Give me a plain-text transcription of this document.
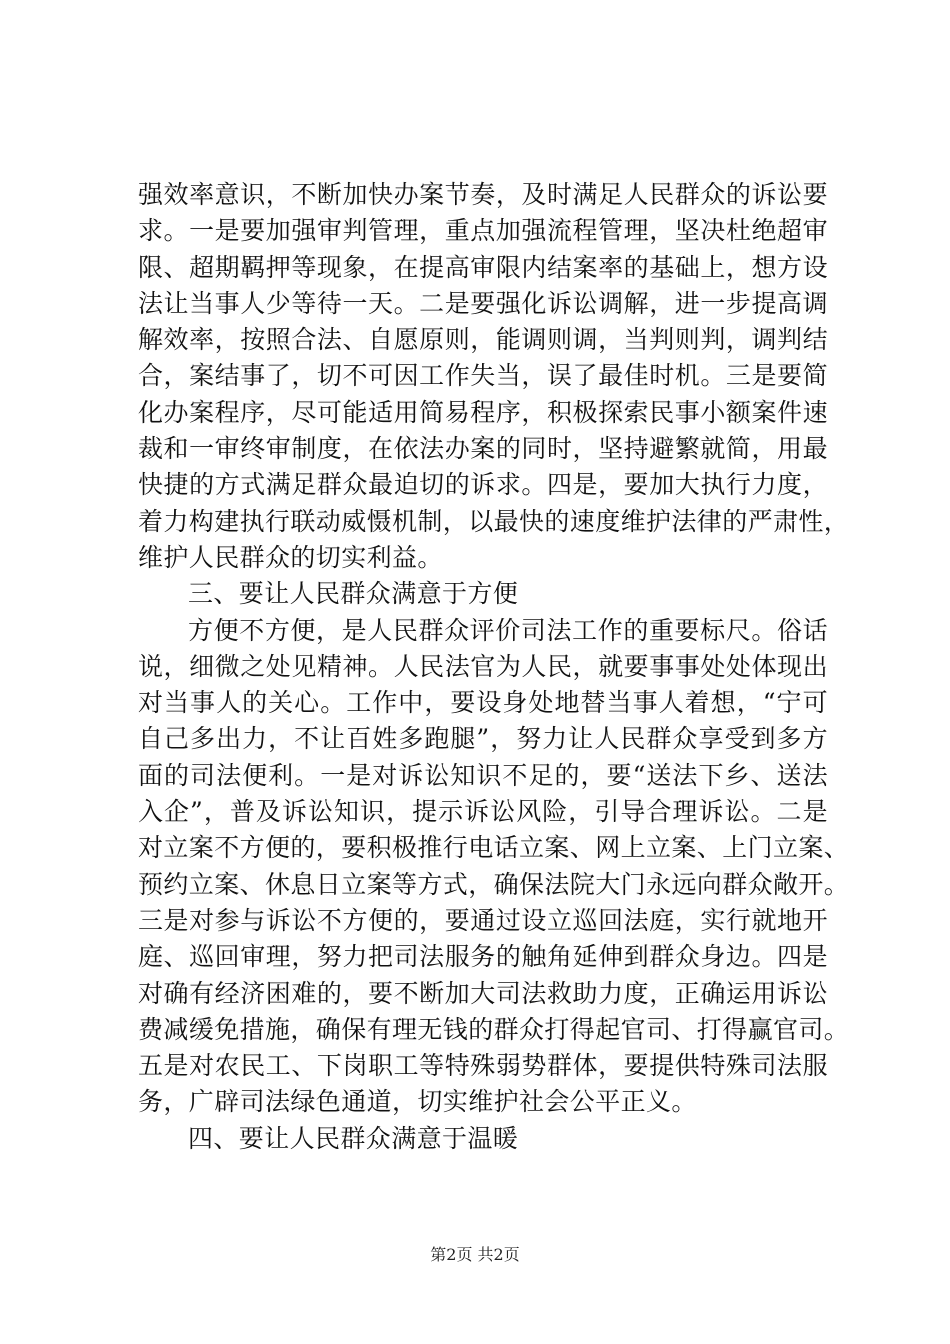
强效率意识，不断加快办案节奏，及时满足人民群众的诉讼要
求。一是要加强审判管理，重点加强流程管理，坚决杜绝超审
限、超期羁押等现象，在提高审限内结案率的基础上，想方设
法让当事人少等待一天。二是要强化诉讼调解，进一步提高调
解效率，按照合法、自愿原则，能调则调，当判则判，调判结
合，案结事了，切不可因工作失当，误了最佳时机。三是要简
化办案程序，尽可能适用简易程序，积极探索民事小额案件速
裁和一审终审制度，在依法办案的同时，坚持避繁就简，用最
快捷的方式满足群众最迫切的诉求。四是，要加大执行力度，
着力构建执行联动威慑机制，以最快的速度维护法律的严肃性，
维护人民群众的切实利益。
三、要让人民群众满意于方便
方便不方便，是人民群众评价司法工作的重要标尺。俗话
说，细微之处见精神。人民法官为人民，就要事事处处体现出
对当事人的关心。工作中，要设身处地替当事人着想，“宁可
自己多出力，不让百姓多跑腿”，努力让人民群众享受到多方
面的司法便利。一是对诉讼知识不足的，要“送法下乡、送法
入企”，普及诉讼知识，提示诉讼风险，引导合理诉讼。二是
对立案不方便的，要积极推行电话立案、网上立案、上门立案、
预约立案、休息日立案等方式，确保法院大门永远向群众敞开。
三是对参与诉讼不方便的，要通过设立巡回法庭，实行就地开
庭、巡回审理，努力把司法服务的触角延伸到群众身边。四是
对确有经济困难的，要不断加大司法救助力度，正确运用诉讼
费减缓免措施，确保有理无钱的群众打得起官司、打得赢官司。
五是对农民工、下岗职工等特殊弱势群体，要提供特殊司法服
务，广辟司法绿色通道，切实维护社会公平正义。
四、要让人民群众满意于温暖
第2页 共2页
